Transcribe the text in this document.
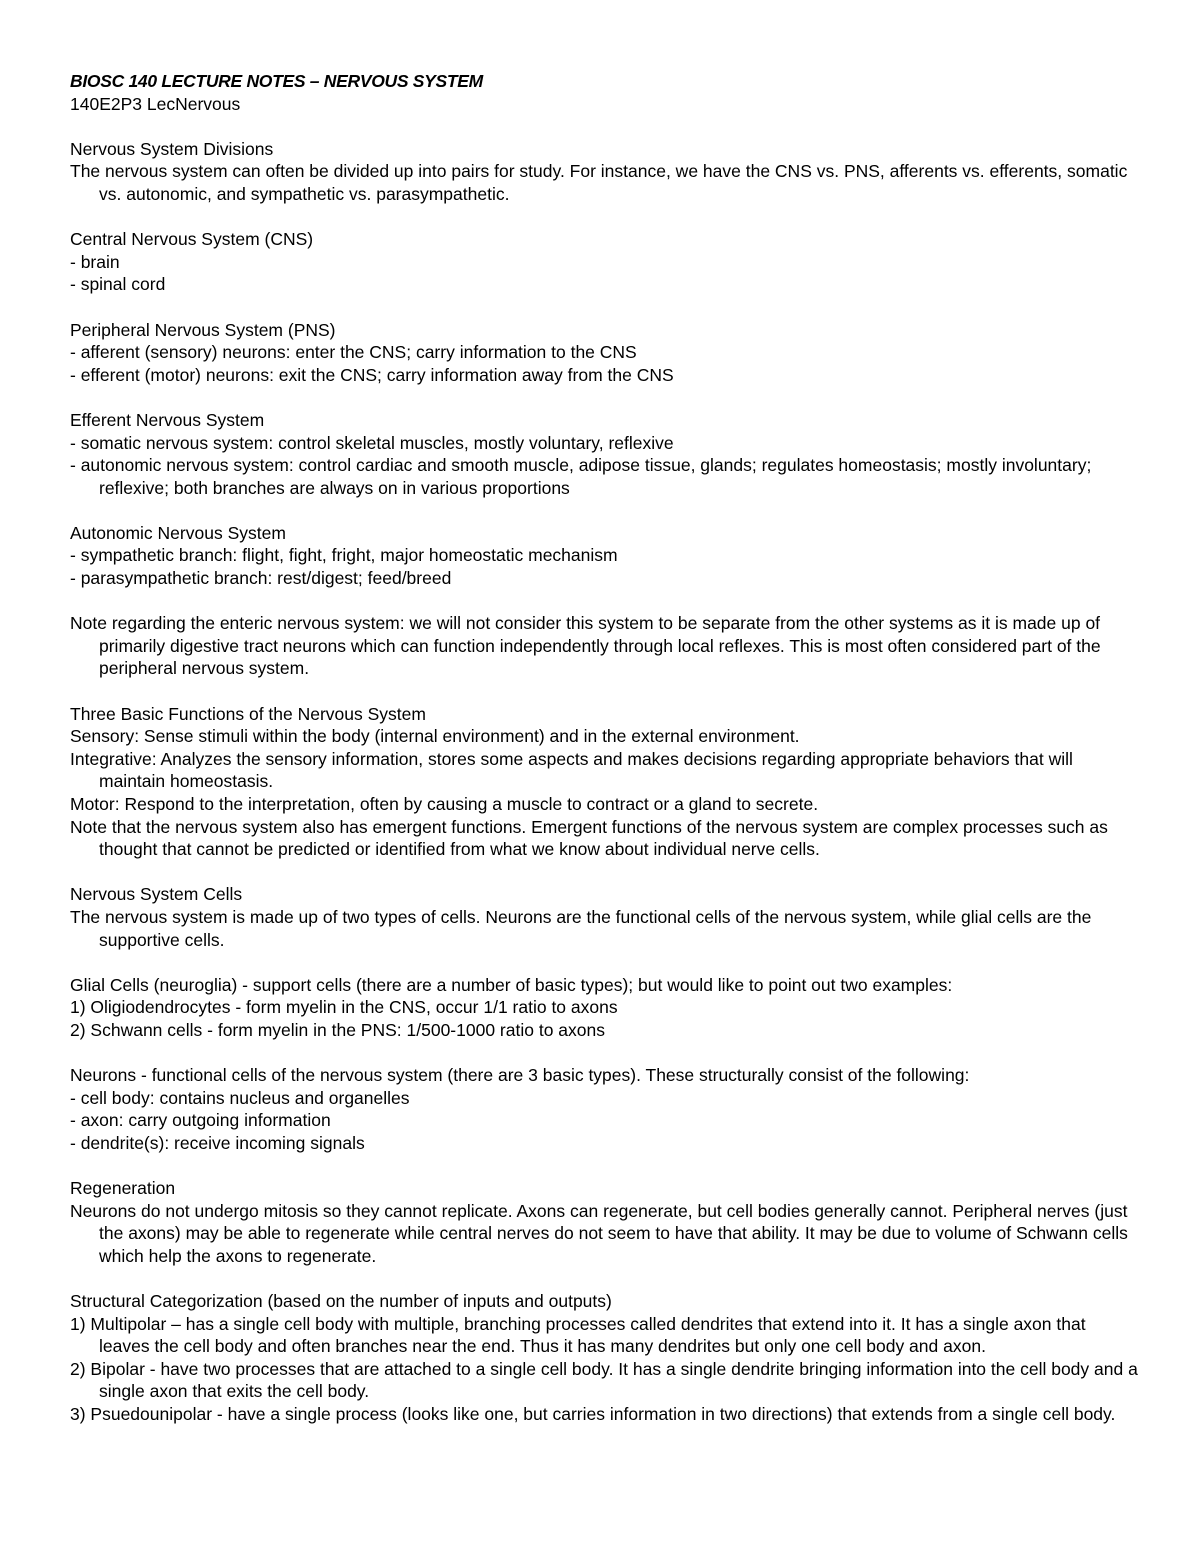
BIOSC 140 LECTURE NOTES – NERVOUS SYSTEM
140E2P3 LecNervous
Nervous System Divisions

The nervous system can often be divided up into pairs for study. For instance, we have the CNS vs. PNS, afferents vs. efferents, somatic vs. autonomic, and sympathetic vs. parasympathetic.

Central Nervous System (CNS)

- brain

- spinal cord

Peripheral Nervous System (PNS)

- afferent (sensory) neurons: enter the CNS; carry information to the CNS

- efferent (motor) neurons: exit the CNS; carry information away from the CNS

Efferent Nervous System

- somatic nervous system: control skeletal muscles, mostly voluntary, reflexive

- autonomic nervous system: control cardiac and smooth muscle, adipose tissue, glands; regulates homeostasis; mostly involuntary; reflexive; both branches are always on in various proportions

Autonomic Nervous System

- sympathetic branch: flight, fight, fright, major homeostatic mechanism

- parasympathetic branch: rest/digest; feed/breed

Note regarding the enteric nervous system: we will not consider this system to be separate from the other systems as it is made up of primarily digestive tract neurons which can function independently through local reflexes. This is most often considered part of the peripheral nervous system.

Three Basic Functions of the Nervous System

Sensory: Sense stimuli within the body (internal environment) and in the external environment.

Integrative: Analyzes the sensory information, stores some aspects and makes decisions regarding appropriate behaviors that will maintain homeostasis.

Motor: Respond to the interpretation, often by causing a muscle to contract or a gland to secrete.

Note that the nervous system also has emergent functions. Emergent functions of the nervous system are complex processes such as thought that cannot be predicted or identified from what we know about individual nerve cells.

Nervous System Cells

The nervous system is made up of two types of cells. Neurons are the functional cells of the nervous system, while glial cells are the supportive cells.

Glial Cells (neuroglia) - support cells (there are a number of basic types); but would like to point out two examples:

1) Oligiodendrocytes - form myelin in the CNS, occur 1/1 ratio to axons

2) Schwann cells - form myelin in the PNS: 1/500-1000 ratio to axons

Neurons - functional cells of the nervous system (there are 3 basic types). These structurally consist of the following:

- cell body: contains nucleus and organelles

- axon: carry outgoing information

- dendrite(s): receive incoming signals

Regeneration

Neurons do not undergo mitosis so they cannot replicate. Axons can regenerate, but cell bodies generally cannot. Peripheral nerves (just the axons) may be able to regenerate while central nerves do not seem to have that ability. It may be due to volume of Schwann cells which help the axons to regenerate.

Structural Categorization (based on the number of inputs and outputs)

1) Multipolar – has a single cell body with multiple, branching processes called dendrites that extend into it. It has a single axon that leaves the cell body and often branches near the end. Thus it has many dendrites but only one cell body and axon.

2) Bipolar - have two processes that are attached to a single cell body. It has a single dendrite bringing information into the cell body and a single axon that exits the cell body.

3) Psuedounipolar - have a single process (looks like one, but carries information in two directions) that extends from a single cell body.
